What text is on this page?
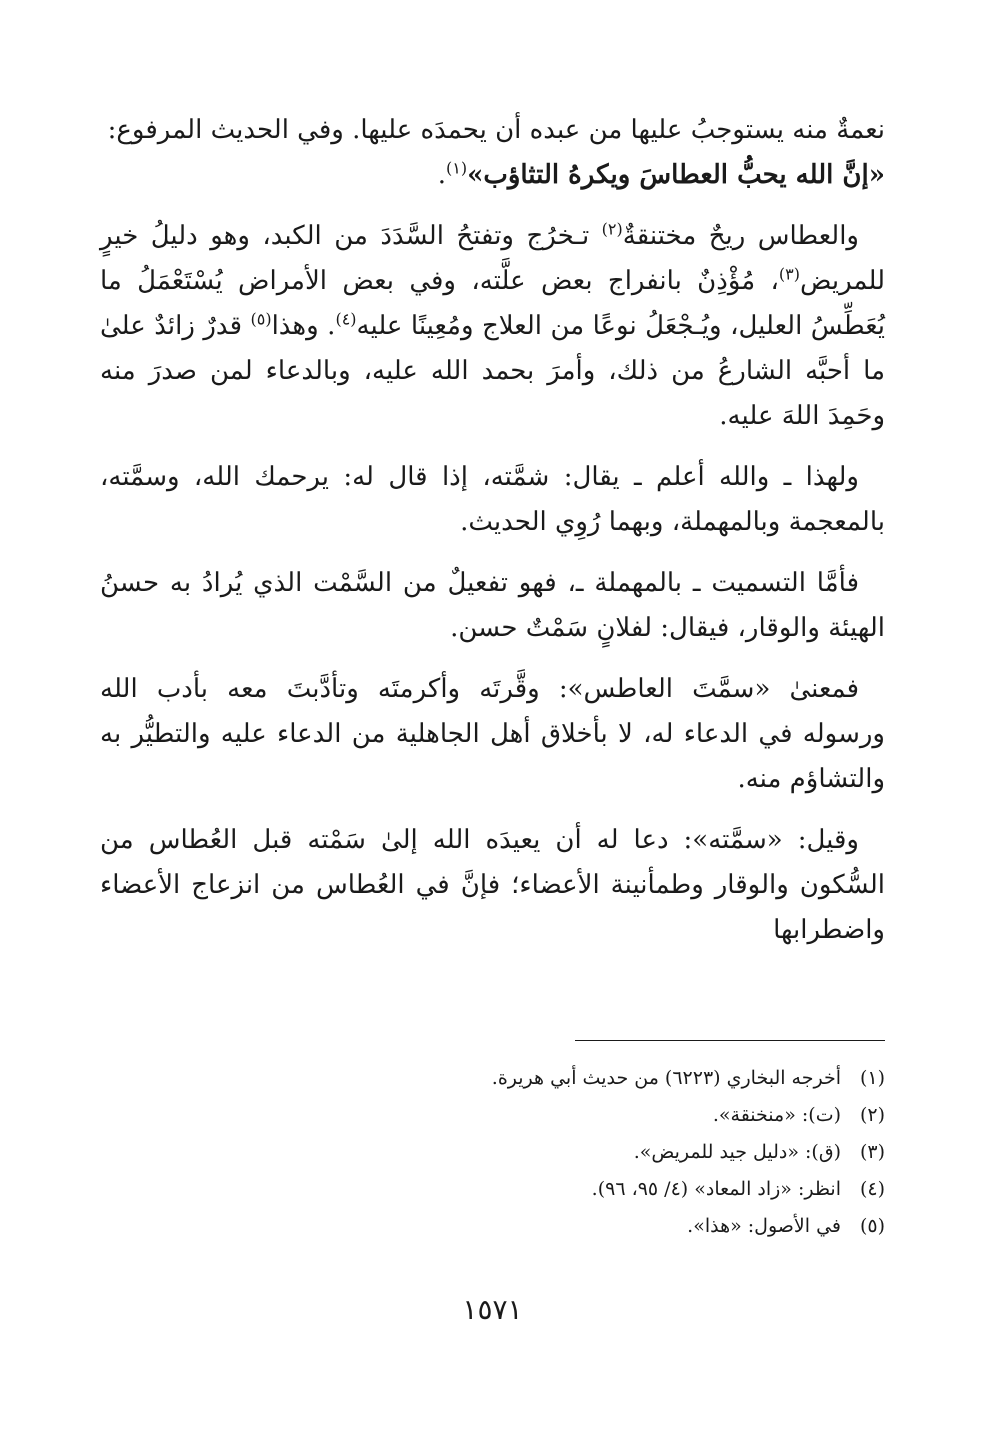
نعمةٌ منه يستوجبُ عليها من عبده أن يحمدَه عليها. وفي الحديث المرفوع:
«إنَّ الله يحبُّ العطاسَ ويكرهُ التثاؤب»$^{(١)}$.

والعطاس ريحٌ مختنقةٌ$^{(٢)}$ تـخرُج وتفتحُ السَّدَدَ من الكبد، وهو دليلُ خيرٍ للمريض$^{(٣)}$، مُؤْذِنٌ بانفراج بعض علَّته، وفي بعض الأمراض يُسْتَعْمَلُ ما يُعَطِّسُ العليل، ويُـجْعَلُ نوعًا من العلاج ومُعِينًا عليه$^{(٤)}$. وهذا$^{(٥)}$ قدرٌ زائدٌ علىٰ ما أحبَّه الشارعُ من ذلك، وأمرَ بحمد الله عليه، وبالدعاء لمن صدرَ منه وحَمِدَ اللهَ عليه.

ولهذا ـ والله أعلم ـ يقال: شمَّته، إذا قال له: يرحمك الله، وسمَّته، بالمعجمة وبالمهملة، وبهما رُوِي الحديث.

فأمَّا التسميت ـ بالمهملة ـ، فهو تفعيلٌ من السَّمْت الذي يُرادُ به حسنُ الهيئة والوقار، فيقال: لفلانٍ سَمْتٌ حسن.

فمعنىٰ «سمَّتَ العاطس»: وقَّرتَه وأكرمتَه وتأدَّبتَ معه بأدب الله ورسوله في الدعاء له، لا بأخلاق أهل الجاهلية من الدعاء عليه والتطيُّر به والتشاؤم منه.

وقيل: «سمَّته»: دعا له أن يعيدَه الله إلىٰ سَمْته قبل العُطاس من السُّكون والوقار وطمأنينة الأعضاء؛ فإنَّ في العُطاس من انزعاج الأعضاء واضطرابها

(١)أخرجه البخاري (٦٢٢٣) من حديث أبي هريرة.

(٢)(ت): «منخنقة».

(٣)(ق): «دليل جيد للمريض».

(٤)انظر: «زاد المعاد» (٤/ ٩٥، ٩٦).

(٥)في الأصول: «هذا».

١٥٧١
